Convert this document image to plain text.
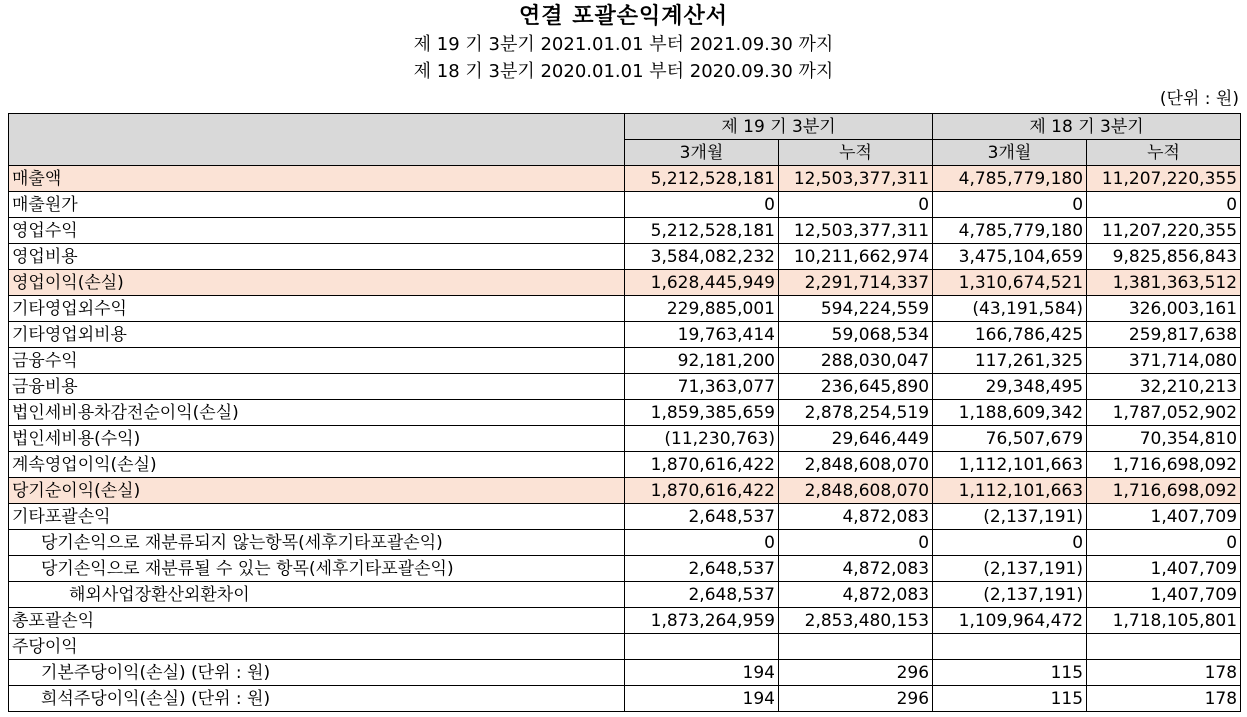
연결 포괄손익계산서
제 19 기 3분기 2021.01.01 부터 2021.09.30 까지
제 18 기 3분기 2020.01.01 부터 2020.09.30 까지
(단위 : 원)
	제 19 기 3분기		제 18 기 3분기	
	3개월	누적	3개월	누적
매출액	5,212,528,181	12,503,377,311	4,785,779,180	11,207,220,355
매출원가	0	0	0	0
영업수익	5,212,528,181	12,503,377,311	4,785,779,180	11,207,220,355
영업비용	3,584,082,232	10,211,662,974	3,475,104,659	9,825,856,843
영업이익(손실)	1,628,445,949	2,291,714,337	1,310,674,521	1,381,363,512
기타영업외수익	229,885,001	594,224,559	(43,191,584)	326,003,161
기타영업외비용	19,763,414	59,068,534	166,786,425	259,817,638
금융수익	92,181,200	288,030,047	117,261,325	371,714,080
금융비용	71,363,077	236,645,890	29,348,495	32,210,213
법인세비용차감전순이익(손실)	1,859,385,659	2,878,254,519	1,188,609,342	1,787,052,902
법인세비용(수익)	(11,230,763)	29,646,449	76,507,679	70,354,810
계속영업이익(손실)	1,870,616,422	2,848,608,070	1,112,101,663	1,716,698,092
당기순이익(손실)	1,870,616,422	2,848,608,070	1,112,101,663	1,716,698,092
기타포괄손익	2,648,537	4,872,083	(2,137,191)	1,407,709
당기손익으로 재분류되지 않는항목(세후기타포괄손익)	0	0	0	0
당기손익으로 재분류될 수 있는 항목(세후기타포괄손익)	2,648,537	4,872,083	(2,137,191)	1,407,709
해외사업장환산외환차이	2,648,537	4,872,083	(2,137,191)	1,407,709
총포괄손익	1,873,264,959	2,853,480,153	1,109,964,472	1,718,105,801
주당이익				
기본주당이익(손실) (단위 : 원)	194	296	115	178
희석주당이익(손실) (단위 : 원)	194	296	115	178
